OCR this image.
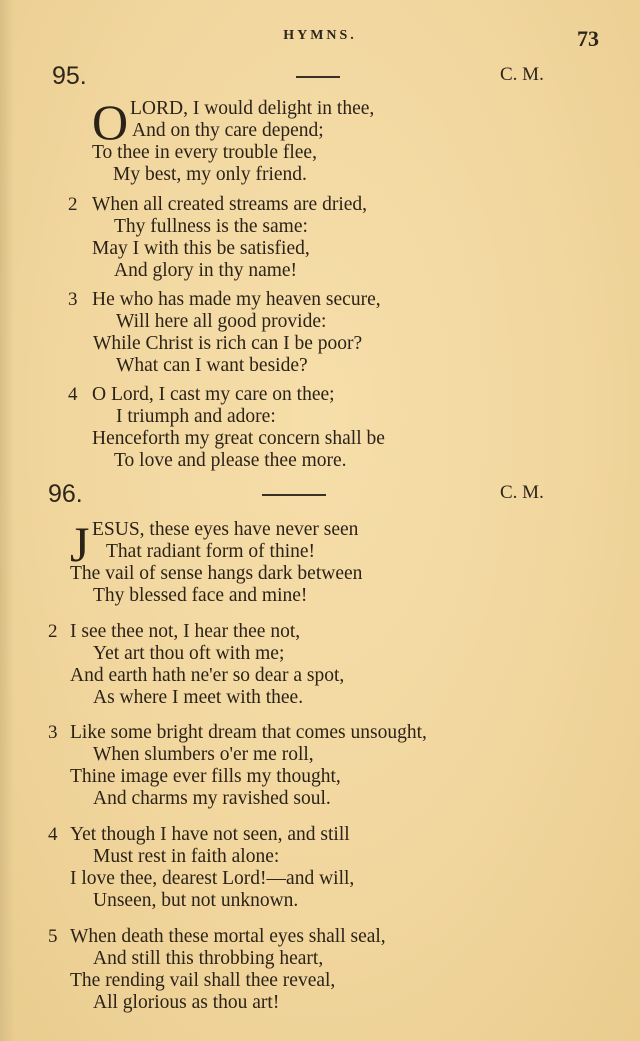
HYMNS.	73
95.	C. M.
O LORD, I would delight in thee,
And on thy care depend;
To thee in every trouble flee,
My best, my only friend.
2 When all created streams are dried,
Thy fullness is the same:
May I with this be satisfied,
And glory in thy name!
3 He who has made my heaven secure,
Will here all good provide:
While Christ is rich can I be poor?
What can I want beside?
4 O Lord, I cast my care on thee;
I triumph and adore:
Henceforth my great concern shall be
To love and please thee more.
96.	C. M.
J ESUS, these eyes have never seen
That radiant form of thine!
The vail of sense hangs dark between
Thy blessed face and mine!
2 I see thee not, I hear thee not,
Yet art thou oft with me;
And earth hath ne'er so dear a spot,
As where I meet with thee.
3 Like some bright dream that comes unsought,
When slumbers o'er me roll,
Thine image ever fills my thought,
And charms my ravished soul.
4 Yet though I have not seen, and still
Must rest in faith alone:
I love thee, dearest Lord!—and will,
Unseen, but not unknown.
5 When death these mortal eyes shall seal,
And still this throbbing heart,
The rending vail shall thee reveal,
All glorious as thou art!
